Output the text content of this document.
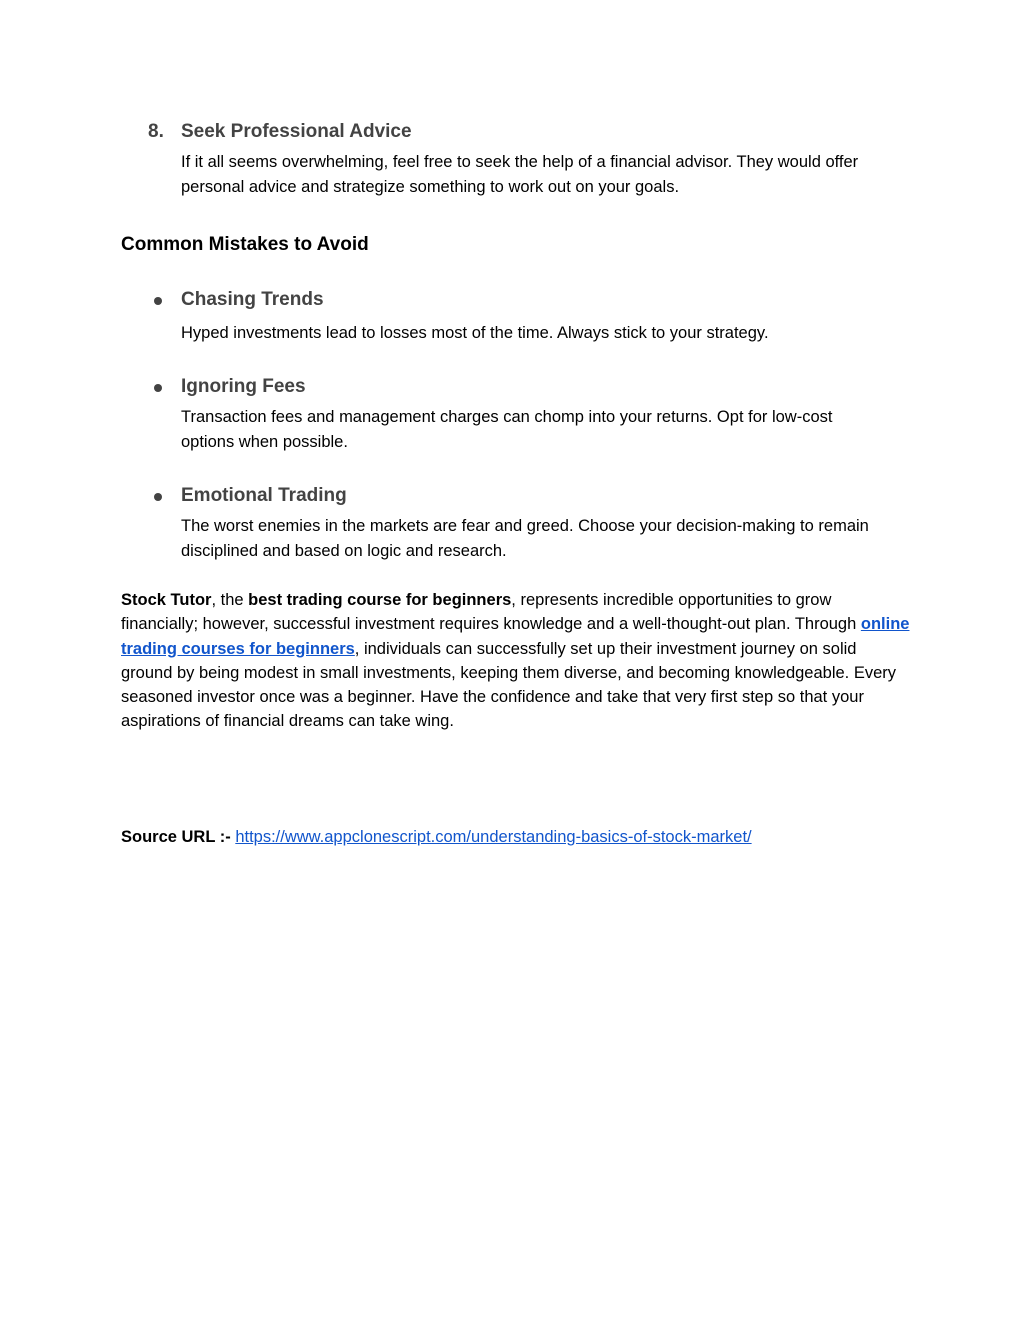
8. Seek Professional Advice
If it all seems overwhelming, feel free to seek the help of a financial advisor. They would offer personal advice and strategize something to work out on your goals.
Common Mistakes to Avoid
Chasing Trends
Hyped investments lead to losses most of the time. Always stick to your strategy.
Ignoring Fees
Transaction fees and management charges can chomp into your returns. Opt for low-cost options when possible.
Emotional Trading
The worst enemies in the markets are fear and greed. Choose your decision-making to remain disciplined and based on logic and research.
Stock Tutor, the best trading course for beginners, represents incredible opportunities to grow financially; however, successful investment requires knowledge and a well-thought-out plan. Through online trading courses for beginners, individuals can successfully set up their investment journey on solid ground by being modest in small investments, keeping them diverse, and becoming knowledgeable. Every seasoned investor once was a beginner. Have the confidence and take that very first step so that your aspirations of financial dreams can take wing.
Source URL :- https://www.appclonescript.com/understanding-basics-of-stock-market/
